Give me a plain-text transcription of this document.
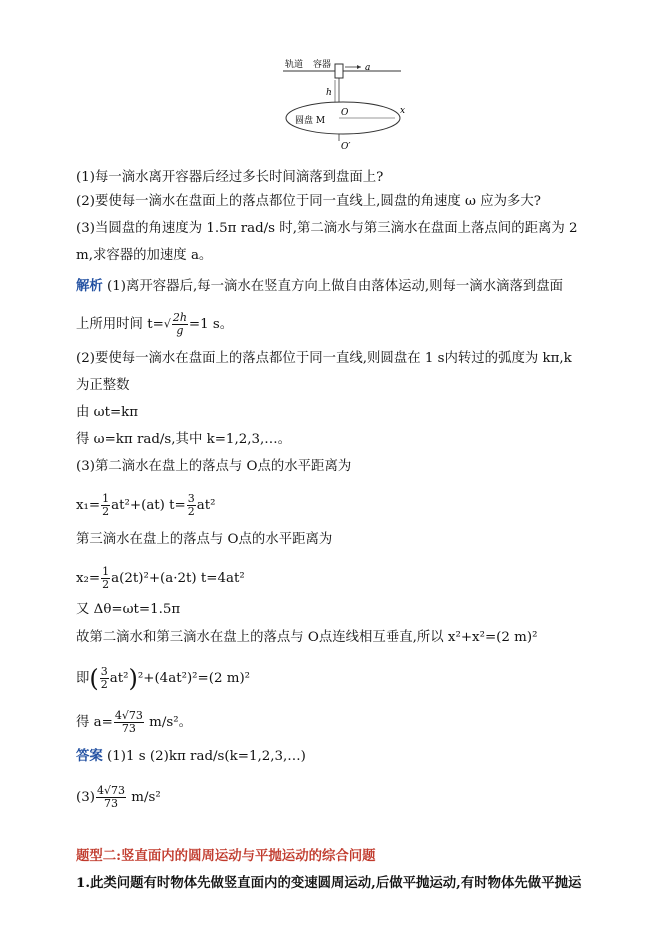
轨道 容器	a
h
O	x
圆盘 M
O′
(1)每一滴水离开容器后经过多长时间滴落到盘面上?
(2)要使每一滴水在盘面上的落点都位于同一直线上,圆盘的角速度 ω 应为多大?
(3)当圆盘的角速度为 1.5π rad/s 时,第二滴水与第三滴水在盘面上落点间的距离为 2
m,求容器的加速度 a。
解析 (1)离开容器后,每一滴水在竖直方向上做自由落体运动,则每一滴水滴落到盘面
上所用时间 $t=√ \frac{2h}{g} =1$ s。
(2)要使每一滴水在盘面上的落点都位于同一直线,则圆盘在 1 s内转过的弧度为 kπ,k
为正整数
由 ωt=kπ
得 ω=kπ rad/s,其中 k=1,2,3,…。
(3)第二滴水在盘上的落点与 O点的水平距离为
$x_1= \frac{1}{2} at^2+(at)$ $t= \frac{3}{2} at^2$
第三滴水在盘上的落点与 O点的水平距离为
$x_2= \frac{1}{2} a(2t)^2+(a\cdot 2t)$ t=4at²
又 Δθ=ωt=1.5π
故第二滴水和第三滴水在盘上的落点与 O点连线相互垂直,所以 x²+x²=(2 m)²
即( $\frac{3}{2} at^2)^2+(4at^2)^2=(2$ m)²
得 $a= \frac{4√73}{73} m/s^2$。
答案 (1)1 s (2)kπ rad/s(k=1,2,3,…)
$(3) \frac{4√73}{73} m/s^2$
题型二:竖直面内的圆周运动与平抛运动的综合问题
1.此类问题有时物体先做竖直面内的变速圆周运动,后做平抛运动,有时物体先做平抛运
